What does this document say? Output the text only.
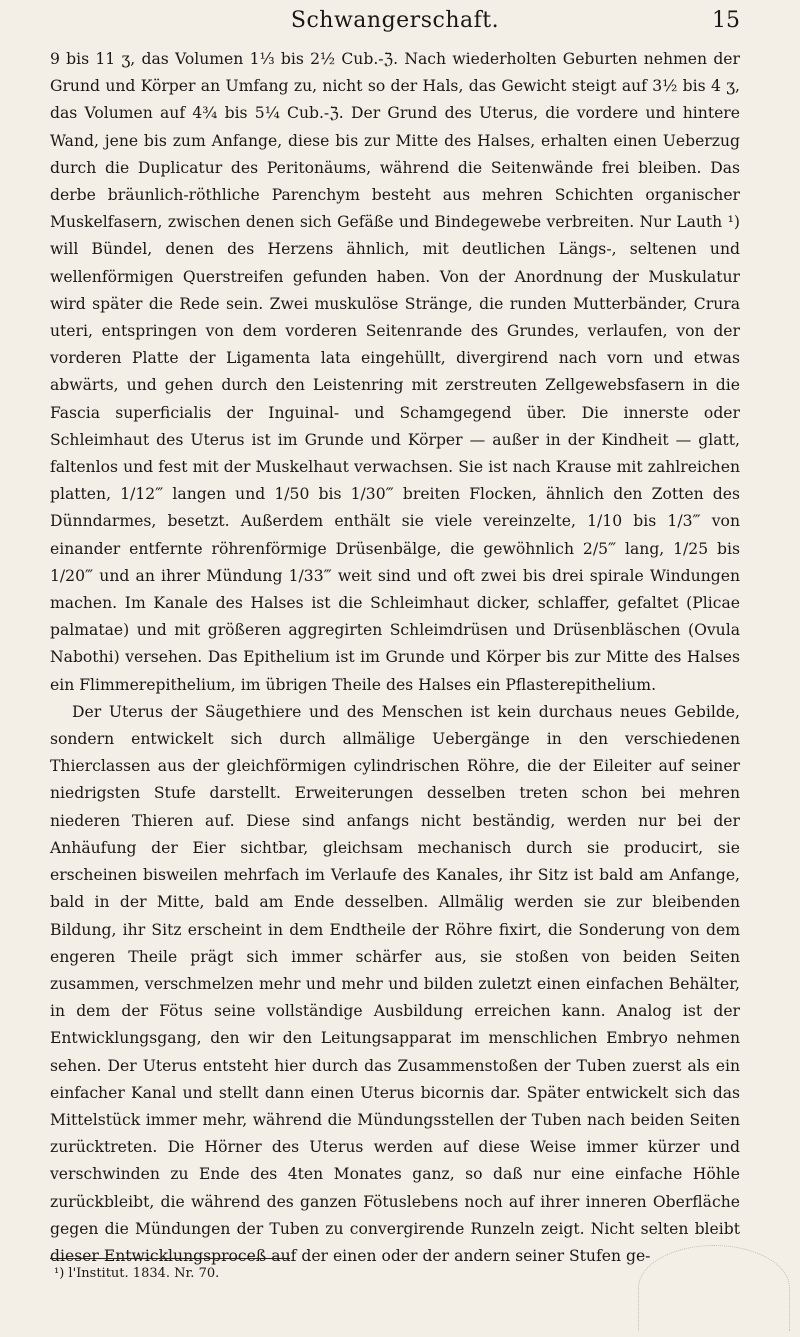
Schwangerschaft.	15

9 bis 11 ʒ, das Volumen 1⅓ bis 2½ Cub.-ℨ. Nach wiederholten Geburten nehmen der Grund und Körper an Umfang zu, nicht so der Hals, das Gewicht steigt auf 3½ bis 4 ʒ, das Volumen auf 4¾ bis 5¼ Cub.-ℨ. Der Grund des Uterus, die vordere und hintere Wand, jene bis zum Anfange, diese bis zur Mitte des Halses, erhalten einen Ueberzug durch die Duplicatur des Peritonäums, während die Seitenwände frei bleiben. Das derbe bräunlich-röthliche Parenchym besteht aus mehren Schichten organischer Muskelfasern, zwischen denen sich Gefäße und Bindegewebe verbreiten. Nur Lauth ¹) will Bündel, denen des Herzens ähnlich, mit deutlichen Längs-, seltenen und wellenförmigen Querstreifen gefunden haben. Von der Anordnung der Muskulatur wird später die Rede sein. Zwei muskulöse Stränge, die runden Mutterbänder, Crura uteri, entspringen von dem vorderen Seitenrande des Grundes, verlaufen, von der vorderen Platte der Ligamenta lata eingehüllt, divergirend nach vorn und etwas abwärts, und gehen durch den Leistenring mit zerstreuten Zellgewebsfasern in die Fascia superficialis der Inguinal- und Schamgegend über. Die innerste oder Schleimhaut des Uterus ist im Grunde und Körper — außer in der Kindheit — glatt, faltenlos und fest mit der Muskelhaut verwachsen. Sie ist nach Krause mit zahlreichen platten, 1/12‴ langen und 1/50 bis 1/30‴ breiten Flocken, ähnlich den Zotten des Dünndarmes, besetzt. Außerdem enthält sie viele vereinzelte, 1/10 bis 1/3‴ von einander entfernte röhrenförmige Drüsenbälge, die gewöhnlich 2/5‴ lang, 1/25 bis 1/20‴ und an ihrer Mündung 1/33‴ weit sind und oft zwei bis drei spirale Windungen machen. Im Kanale des Halses ist die Schleimhaut dicker, schlaffer, gefaltet (Plicae palmatae) und mit größeren aggregirten Schleimdrüsen und Drüsenbläschen (Ovula Nabothi) versehen. Das Epithelium ist im Grunde und Körper bis zur Mitte des Halses ein Flimmerepithelium, im übrigen Theile des Halses ein Pflasterepithelium.

Der Uterus der Säugethiere und des Menschen ist kein durchaus neues Gebilde, sondern entwickelt sich durch allmälige Uebergänge in den verschiedenen Thierclassen aus der gleichförmigen cylindrischen Röhre, die der Eileiter auf seiner niedrigsten Stufe darstellt. Erweiterungen desselben treten schon bei mehren niederen Thieren auf. Diese sind anfangs nicht beständig, werden nur bei der Anhäufung der Eier sichtbar, gleichsam mechanisch durch sie producirt, sie erscheinen bisweilen mehrfach im Verlaufe des Kanales, ihr Sitz ist bald am Anfange, bald in der Mitte, bald am Ende desselben. Allmälig werden sie zur bleibenden Bildung, ihr Sitz erscheint in dem Endtheile der Röhre fixirt, die Sonderung von dem engeren Theile prägt sich immer schärfer aus, sie stoßen von beiden Seiten zusammen, verschmelzen mehr und mehr und bilden zuletzt einen einfachen Behälter, in dem der Fötus seine vollständige Ausbildung erreichen kann. Analog ist der Entwicklungsgang, den wir den Leitungsapparat im menschlichen Embryo nehmen sehen. Der Uterus entsteht hier durch das Zusammenstoßen der Tuben zuerst als ein einfacher Kanal und stellt dann einen Uterus bicornis dar. Später entwickelt sich das Mittelstück immer mehr, während die Mündungsstellen der Tuben nach beiden Seiten zurücktreten. Die Hörner des Uterus werden auf diese Weise immer kürzer und verschwinden zu Ende des 4ten Monates ganz, so daß nur eine einfache Höhle zurückbleibt, die während des ganzen Fötuslebens noch auf ihrer inneren Oberfläche gegen die Mündungen der Tuben zu convergirende Runzeln zeigt. Nicht selten bleibt dieser Entwicklungsproceß auf der einen oder der andern seiner Stufen ge-

¹) l'Institut. 1834. Nr. 70.
